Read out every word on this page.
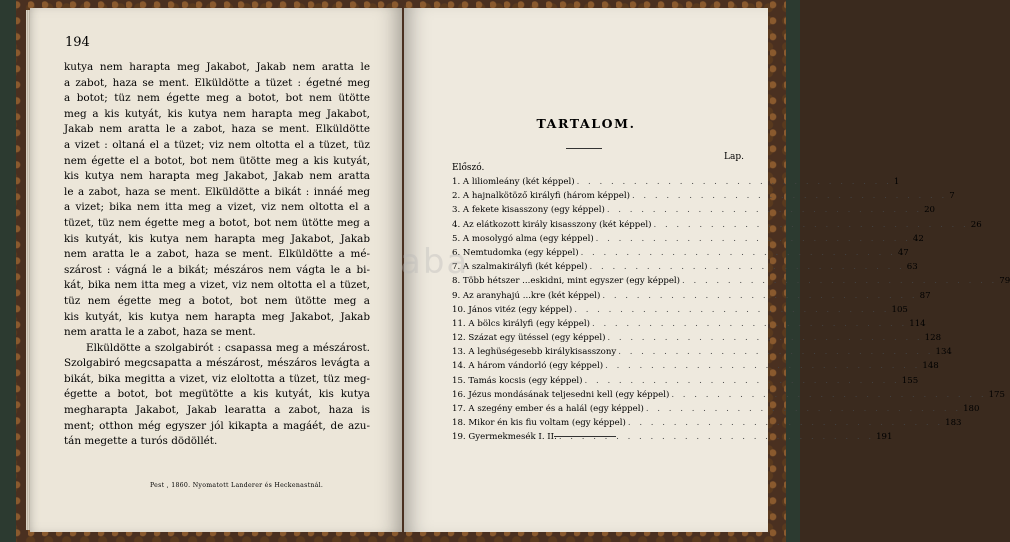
194
kutya nem harapta meg Jakabot, Jakab nem aratta le
a zabot, haza se ment. Elküldötte a tüzet : égetné meg
a botot; tüz nem égette meg a botot, bot nem ütötte
meg a kis kutyát, kis kutya nem harapta meg Jakabot,
Jakab nem aratta le a zabot, haza se ment. Elküldötte
a vizet : oltaná el a tüzet; viz nem oltotta el a tüzet, tüz
nem égette el a botot, bot nem ütötte meg a kis kutyát,
kis kutya nem harapta meg Jakabot, Jakab nem aratta
le a zabot, haza se ment. Elküldötte a bikát : innáé meg
a vizet; bika nem itta meg a vizet, viz nem oltotta el a
tüzet, tüz nem égette meg a botot, bot nem ütötte meg a
kis kutyát, kis kutya nem harapta meg Jakabot, Jakab
nem aratta le a zabot, haza se ment. Elküldötte a mé-
szárost : vágná le a bikát; mészáros nem vágta le a bi-
kát, bika nem itta meg a vizet, viz nem oltotta el a tüzet,
tüz nem égette meg a botot, bot nem ütötte meg a
kis kutyát, kis kutya nem harapta meg Jakabot, Jakab
nem aratta le a zabot, haza se ment.
Elküldötte a szolgabirót : csapassa meg a mészárost.
Szolgabiró megcsapatta a mészárost, mészáros levágta a
bikát, bika megitta a vizet, viz eloltotta a tüzet, tüz meg-
égette a botot, bot megütötte a kis kutyát, kis kutya
megharapta Jakabot, Jakab learatta a zabot, haza is
ment; otthon még egyszer jól kikapta a magáét, de azu-
tán megette a turós dödöllét.
Pest , 1860. Nyomatott Landerer és Heckenastnál.
TARTALOM.
Lap.
Előszó.
1. A liliomleány (két képpel) . . . . . . . . . . . . . . . . . . . . . . . . . . . . 1
2. A hajnalkötöző királyfi (három képpel) . . . . . . . . . . . . . . . . . . . . . . . . . . . . 7
3. A fekete kisasszony (egy képpel) . . . . . . . . . . . . . . . . . . . . . . . . . . . . 20
4. Az elátkozott király kisasszony (két képpel) . . . . . . . . . . . . . . . . . . . . . . . . . . . . 26
5. A mosolygó alma (egy képpel) . . . . . . . . . . . . . . . . . . . . . . . . . . . . 42
6. Nemtudomka (egy képpel) . . . . . . . . . . . . . . . . . . . . . . . . . . . . 47
7. A szalmakirályfi (két képpel) . . . . . . . . . . . . . . . . . . . . . . . . . . . . 63
8. Több hétszer ...eskidni, mint egyszer (egy képpel) . . . . . . . . . . . . . . . . . . . . . . . . . . . . 79
9. Az aranyhajú ...kre (két képpel) . . . . . . . . . . . . . . . . . . . . . . . . . . . . 87
10. János vitéz (egy képpel) . . . . . . . . . . . . . . . . . . . . . . . . . . . . 105
11. A bölcs királyfi (egy képpel) . . . . . . . . . . . . . . . . . . . . . . . . . . . . 114
12. Százat egy ütéssel (egy képpel) . . . . . . . . . . . . . . . . . . . . . . . . . . . . 128
13. A leghüségesebb királykisasszony . . . . . . . . . . . . . . . . . . . . . . . . . . . . 134
14. A három vándorló (egy képpel) . . . . . . . . . . . . . . . . . . . . . . . . . . . . 148
15. Tamás kocsis (egy képpel) . . . . . . . . . . . . . . . . . . . . . . . . . . . . 155
16. Jézus mondásának teljesedni kell (egy képpel) . . . . . . . . . . . . . . . . . . . . . . . . . . . . 175
17. A szegény ember és a halál (egy képpel) . . . . . . . . . . . . . . . . . . . . . . . . . . . . 180
18. Mikor én kis fiu voltam (egy képpel) . . . . . . . . . . . . . . . . . . . . . . . . . . . . 183
19. Gyermekmesék I. II. . . . . . . . . . . . . . . . . . . . . . . . . . . . . 191
aba
